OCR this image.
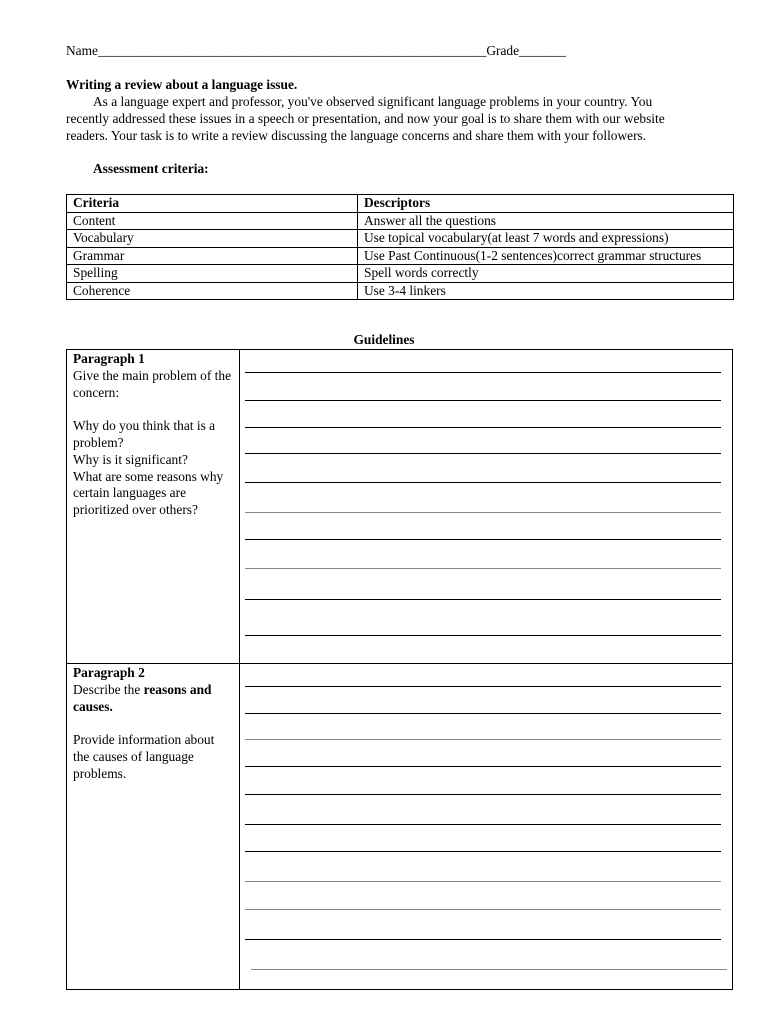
Name__________________________________________________________Grade_______
Writing a review about a language issue.

As a language expert and professor, you've observed significant language problems in your country. You recently addressed these issues in a speech or presentation, and now your goal is to share them with our website readers. Your task is to write a review discussing the language concerns and share them with your followers.

Assessment criteria:
Criteria	Descriptors
Content	Answer all the questions
Vocabulary	Use topical vocabulary(at least 7 words and expressions)
Grammar	Use Past Continuous(1-2 sentences)correct grammar structures
Spelling	Spell words correctly
Coherence	Use 3-4 linkers
Guidelines

Paragraph 1

Give the main problem of the concern:

Why do you think that is a problem?

Why is it significant?

What are some reasons why certain languages are prioritized over others?

Paragraph 2

Describe the reasons and causes.

Provide information about the causes of language problems.
